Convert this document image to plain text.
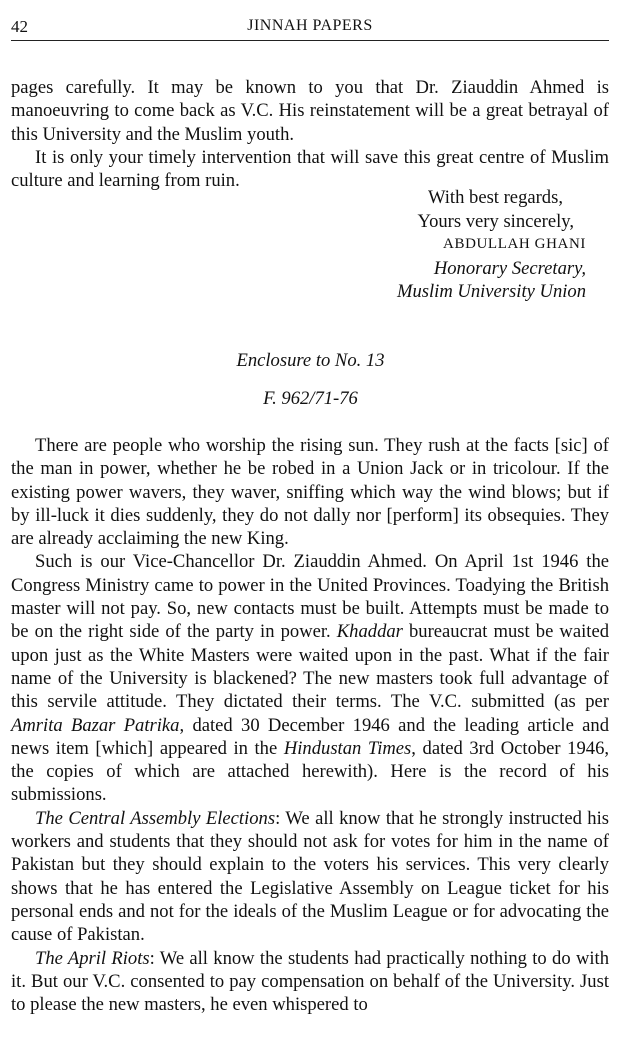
42	JINNAH PAPERS

pages carefully. It may be known to you that Dr. Ziauddin Ahmed is manoeuvring to come back as V.C. His reinstatement will be a great betrayal of this University and the Muslim youth.

It is only your timely intervention that will save this great centre of Muslim culture and learning from ruin.

With best regards,
Yours very sincerely,
ABDULLAH GHANI
Honorary Secretary,
Muslim University Union
Enclosure to No. 13
F. 962/71-76

There are people who worship the rising sun. They rush at the facts [sic] of the man in power, whether he be robed in a Union Jack or in tricolour. If the existing power wavers, they waver, sniffing which way the wind blows; but if by ill-luck it dies suddenly, they do not dally nor [perform] its obsequies. They are already acclaiming the new King.

Such is our Vice-Chancellor Dr. Ziauddin Ahmed. On April 1st 1946 the Congress Ministry came to power in the United Provinces. Toadying the British master will not pay. So, new contacts must be built. Attempts must be made to be on the right side of the party in power. Khaddar bureaucrat must be waited upon just as the White Masters were waited upon in the past. What if the fair name of the University is blackened? The new masters took full advantage of this servile attitude. They dictated their terms. The V.C. submitted (as per Amrita Bazar Patrika, dated 30 December 1946 and the leading article and news item [which] appeared in the Hindustan Times, dated 3rd October 1946, the copies of which are attached herewith). Here is the record of his submissions.

The Central Assembly Elections: We all know that he strongly instructed his workers and students that they should not ask for votes for him in the name of Pakistan but they should explain to the voters his services. This very clearly shows that he has entered the Legislative Assembly on League ticket for his personal ends and not for the ideals of the Muslim League or for advocating the cause of Pakistan.

The April Riots: We all know the students had practically nothing to do with it. But our V.C. consented to pay compensation on behalf of the University. Just to please the new masters, he even whispered to
